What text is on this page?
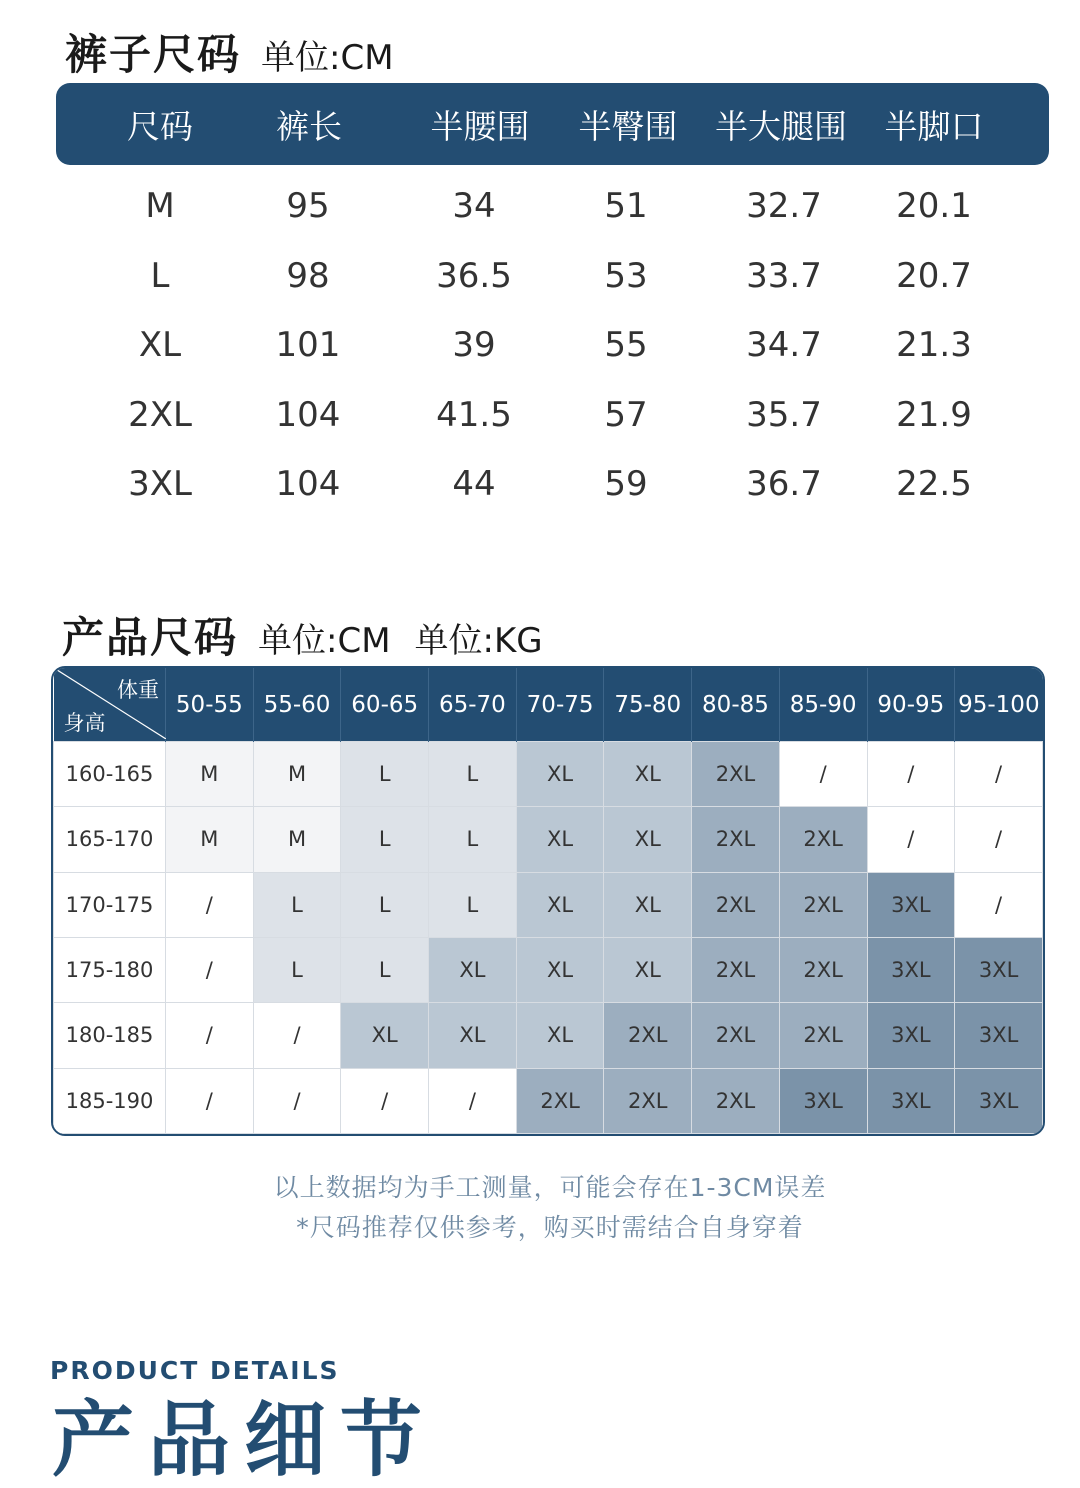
裤子尺码 单位:CM
尺码	裤长	半腰围 半臀围 半大腿围 半脚口
M	95	34	51	32.7 20.1
L	98	36.5	53	33.7 20.7
XL	101	39	55	34.7 21.3
2XL 104	41.5	57	35.7 21.9
3XL 104	44	59	36.7 22.5
产品尺码 单位:CM 单位:KG
体重
身高	50-55	55-60	60-65	65-70	70-75	75-80	80-85	85-90	90-95	95-100
160-165	M	M	L	L	XL	XL	2XL	/	/	/
165-170	M	M	L	L	XL	XL	2XL	2XL	/	/
170-175	/	L	L	L	XL	XL	2XL	2XL	3XL	/
175-180	/	L	L	XL	XL	XL	2XL	2XL	3XL	3XL
180-185	/	/	XL	XL	XL	2XL	2XL	2XL	3XL	3XL
185-190	/	/	/	/	2XL	2XL	2XL	3XL	3XL	3XL
以上数据均为手工测量，可能会存在1-3CM误差
*尺码推荐仅供参考，购买时需结合自身穿着
PRODUCT DETAILS
产品细节
